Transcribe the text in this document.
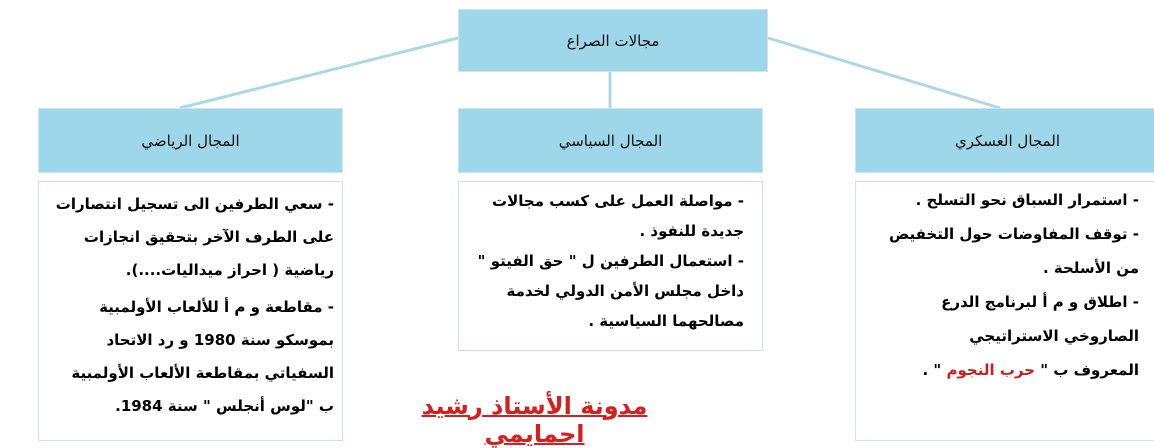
مجالات الصراع
المجال الرياضي	المجال السياسي	المجال العسكري

- سعي الطرفين الى تسجيل انتصارات

على الطرف الآخر بتحقيق انجازات

رياضية ( احراز ميداليات....).

- مقاطعة و م أ للألعاب الأولمبية

بموسكو سنة 1980 و رد الاتحاد

السفياتي بمقاطعة الألعاب الأولمبية

ب "لوس أنجلس " سنة 1984.

- مواصلة العمل على كسب مجالات

جديدة للنفوذ .

- استعمال الطرفين ل " حق الفيتو "

داخل مجلس الأمن الدولي لخدمة

مصالحهما السياسية .

- استمرار السباق نحو التسلح .

- توقف المفاوضات حول التخفيض

من الأسلحة .

- اطلاق و م أ لبرنامج الدرع

الصاروخي الاستراتيجي

المعروف ب " حرب النجوم " .

مدونة الأستاذ رشيد احمايمي
